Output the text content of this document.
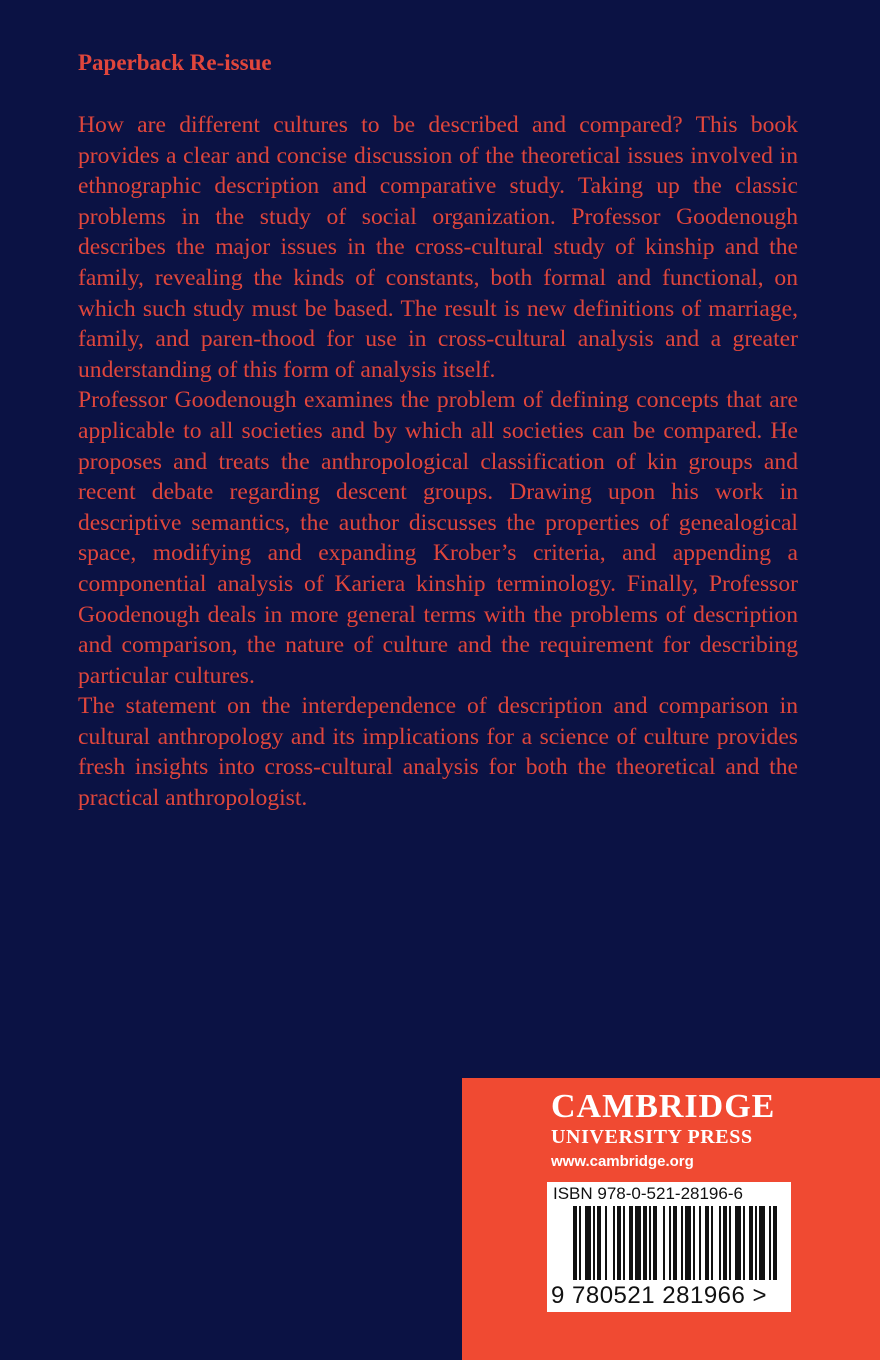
Paperback Re-issue

How are different cultures to be described and compared? This book provides a clear and concise discussion of the theoretical issues involved in ethnographic description and comparative study. Taking up the classic problems in the study of social organization. Professor Goodenough describes the major issues in the cross-cultural study of kinship and the family, revealing the kinds of constants, both formal and functional, on which such study must be based. The result is new definitions of marriage, family, and paren-thood for use in cross-cultural analysis and a greater understanding of this form of analysis itself.

Professor Goodenough examines the problem of defining concepts that are applicable to all societies and by which all societies can be compared. He proposes and treats the anthropological classification of kin groups and recent debate regarding descent groups. Drawing upon his work in descriptive semantics, the author discusses the properties of genealogical space, modifying and expanding Krober’s criteria, and appending a componential analysis of Kariera kinship terminology. Finally, Professor Goodenough deals in more general terms with the problems of description and comparison, the nature of culture and the requirement for describing particular cultures.

The statement on the interdependence of description and comparison in cultural anthropology and its implications for a science of culture provides fresh insights into cross-cultural analysis for both the theoretical and the practical anthropologist.

CAMBRIDGE
UNIVERSITY PRESS
www.cambridge.org
ISBN 978-0-521-28196-6
9 780521 281966 >
